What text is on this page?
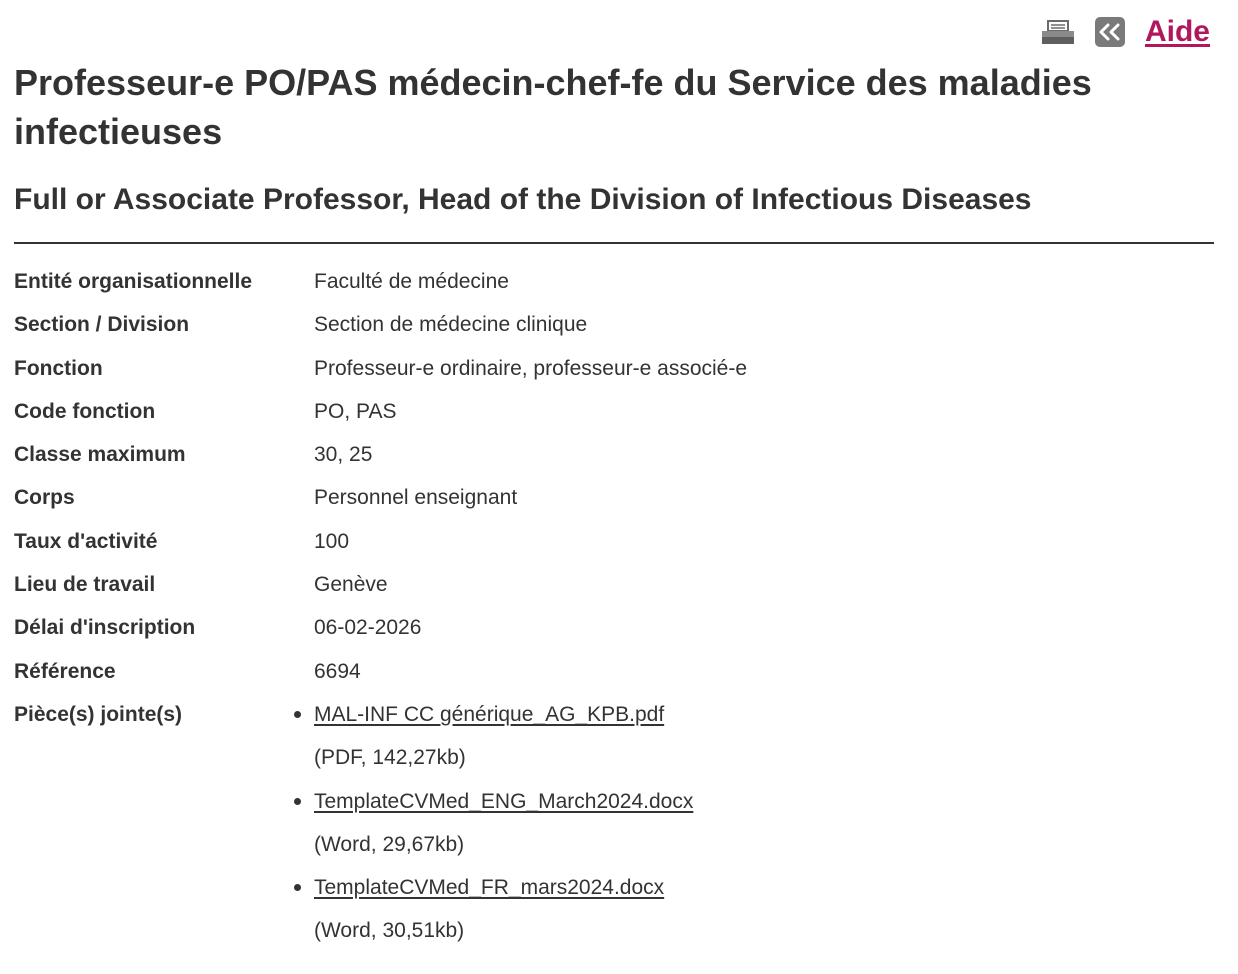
Aide
Professeur-e PO/PAS médecin-chef-fe du Service des maladies infectieuses
Full or Associate Professor, Head of the Division of Infectious Diseases
Entité organisationnelle	Faculté de médecine
Section / Division	Section de médecine clinique
Fonction	Professeur-e ordinaire, professeur-e associé-e
Code fonction	PO, PAS
Classe maximum	30, 25
Corps	Personnel enseignant
Taux d'activité	100
Lieu de travail	Genève
Délai d'inscription	06-02-2026
Référence	6694
Pièce(s) jointe(s)	MAL-INF CC générique_AG_KPB.pdf
(PDF, 142,27kb)
TemplateCVMed_ENG_March2024.docx
(Word, 29,67kb)
TemplateCVMed_FR_mars2024.docx
(Word, 30,51kb)
